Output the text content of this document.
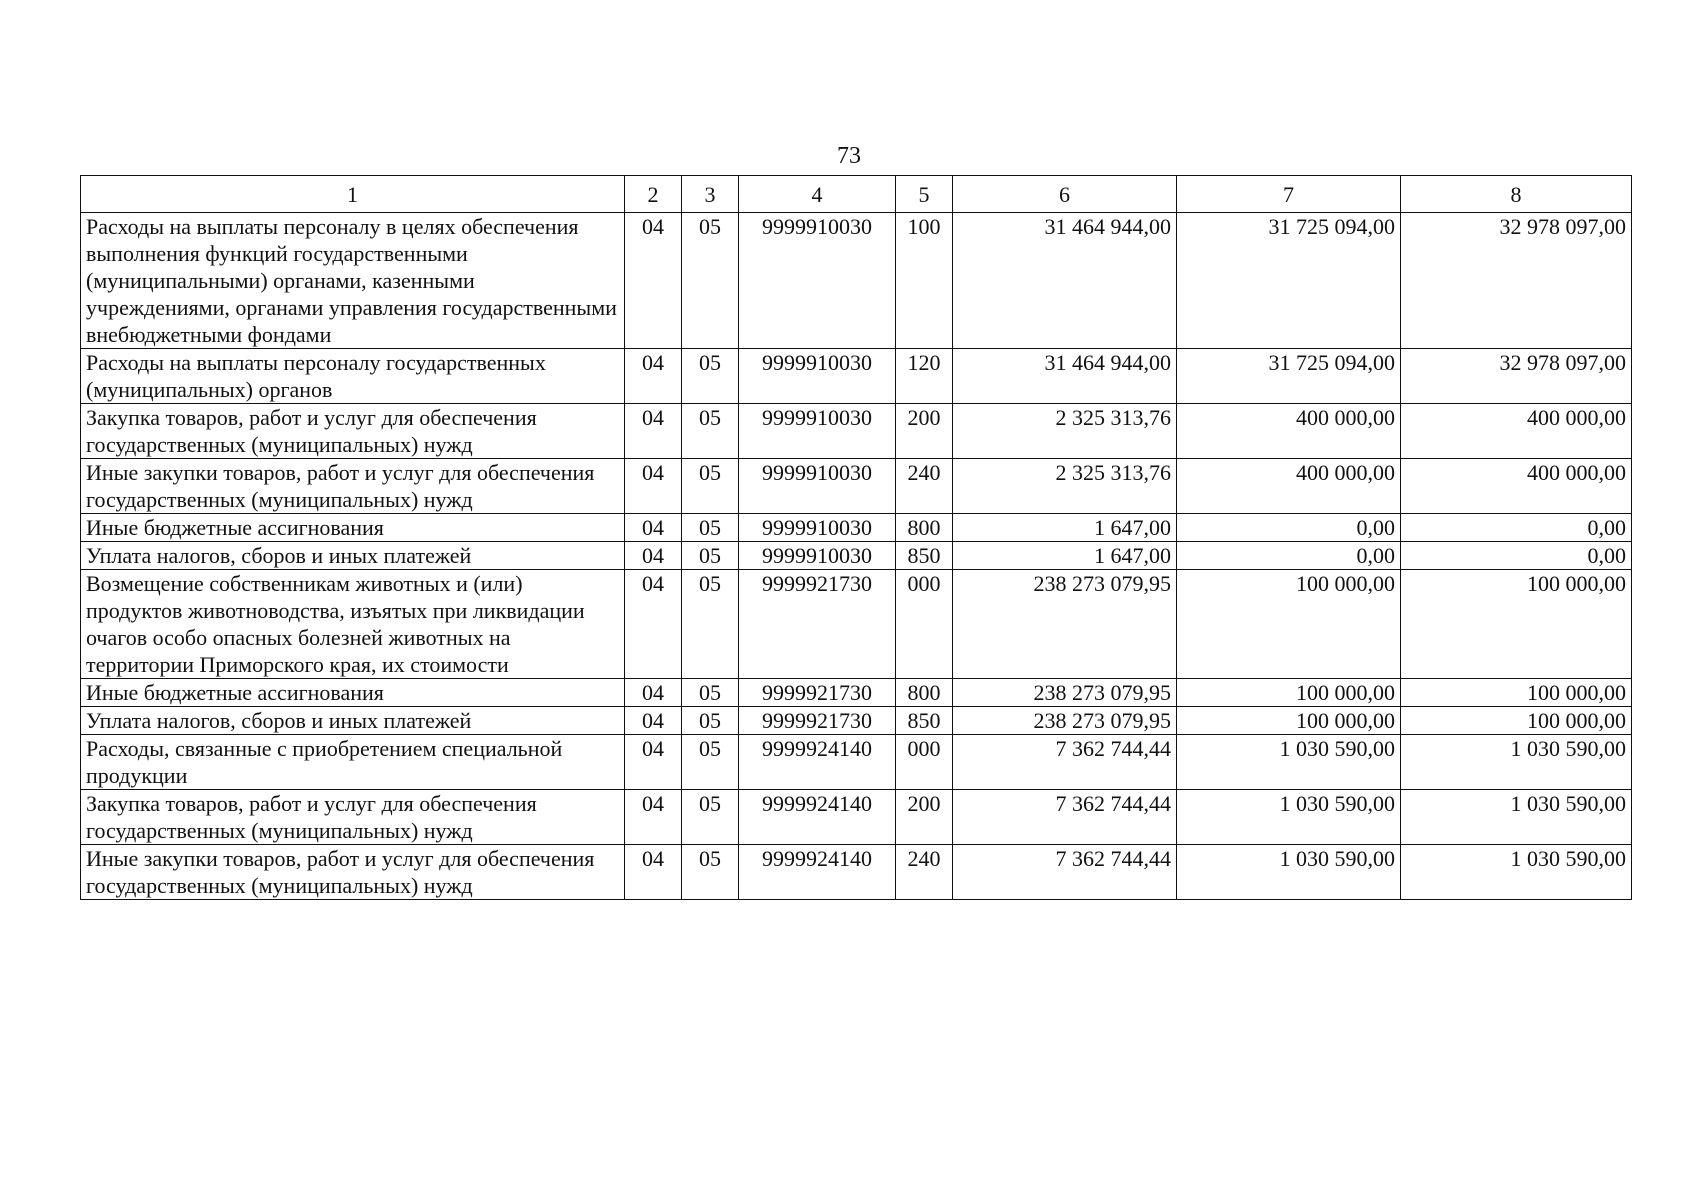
73
1	2	3	4	5	6	7	8
Расходы на выплаты персоналу в целях обеспечения выполнения функций государственными (муниципальными) органами, казенными учреждениями, органами управления государственными внебюджетными фондами	04	05	9999910030	100	31 464 944,00	31 725 094,00	32 978 097,00
Расходы на выплаты персоналу государственных (муниципальных) органов	04	05	9999910030	120	31 464 944,00	31 725 094,00	32 978 097,00
Закупка товаров, работ и услуг для обеспечения государственных (муниципальных) нужд	04	05	9999910030	200	2 325 313,76	400 000,00	400 000,00
Иные закупки товаров, работ и услуг для обеспечения государственных (муниципальных) нужд	04	05	9999910030	240	2 325 313,76	400 000,00	400 000,00
Иные бюджетные ассигнования	04	05	9999910030	800	1 647,00	0,00	0,00
Уплата налогов, сборов и иных платежей	04	05	9999910030	850	1 647,00	0,00	0,00
Возмещение собственникам животных и (или) продуктов животноводства, изъятых при ликвидации очагов особо опасных болезней животных на территории Приморского края, их стоимости	04	05	9999921730	000	238 273 079,95	100 000,00	100 000,00
Иные бюджетные ассигнования	04	05	9999921730	800	238 273 079,95	100 000,00	100 000,00
Уплата налогов, сборов и иных платежей	04	05	9999921730	850	238 273 079,95	100 000,00	100 000,00
Расходы, связанные с приобретением специальной продукции	04	05	9999924140	000	7 362 744,44	1 030 590,00	1 030 590,00
Закупка товаров, работ и услуг для обеспечения государственных (муниципальных) нужд	04	05	9999924140	200	7 362 744,44	1 030 590,00	1 030 590,00
Иные закупки товаров, работ и услуг для обеспечения государственных (муниципальных) нужд	04	05	9999924140	240	7 362 744,44	1 030 590,00	1 030 590,00
